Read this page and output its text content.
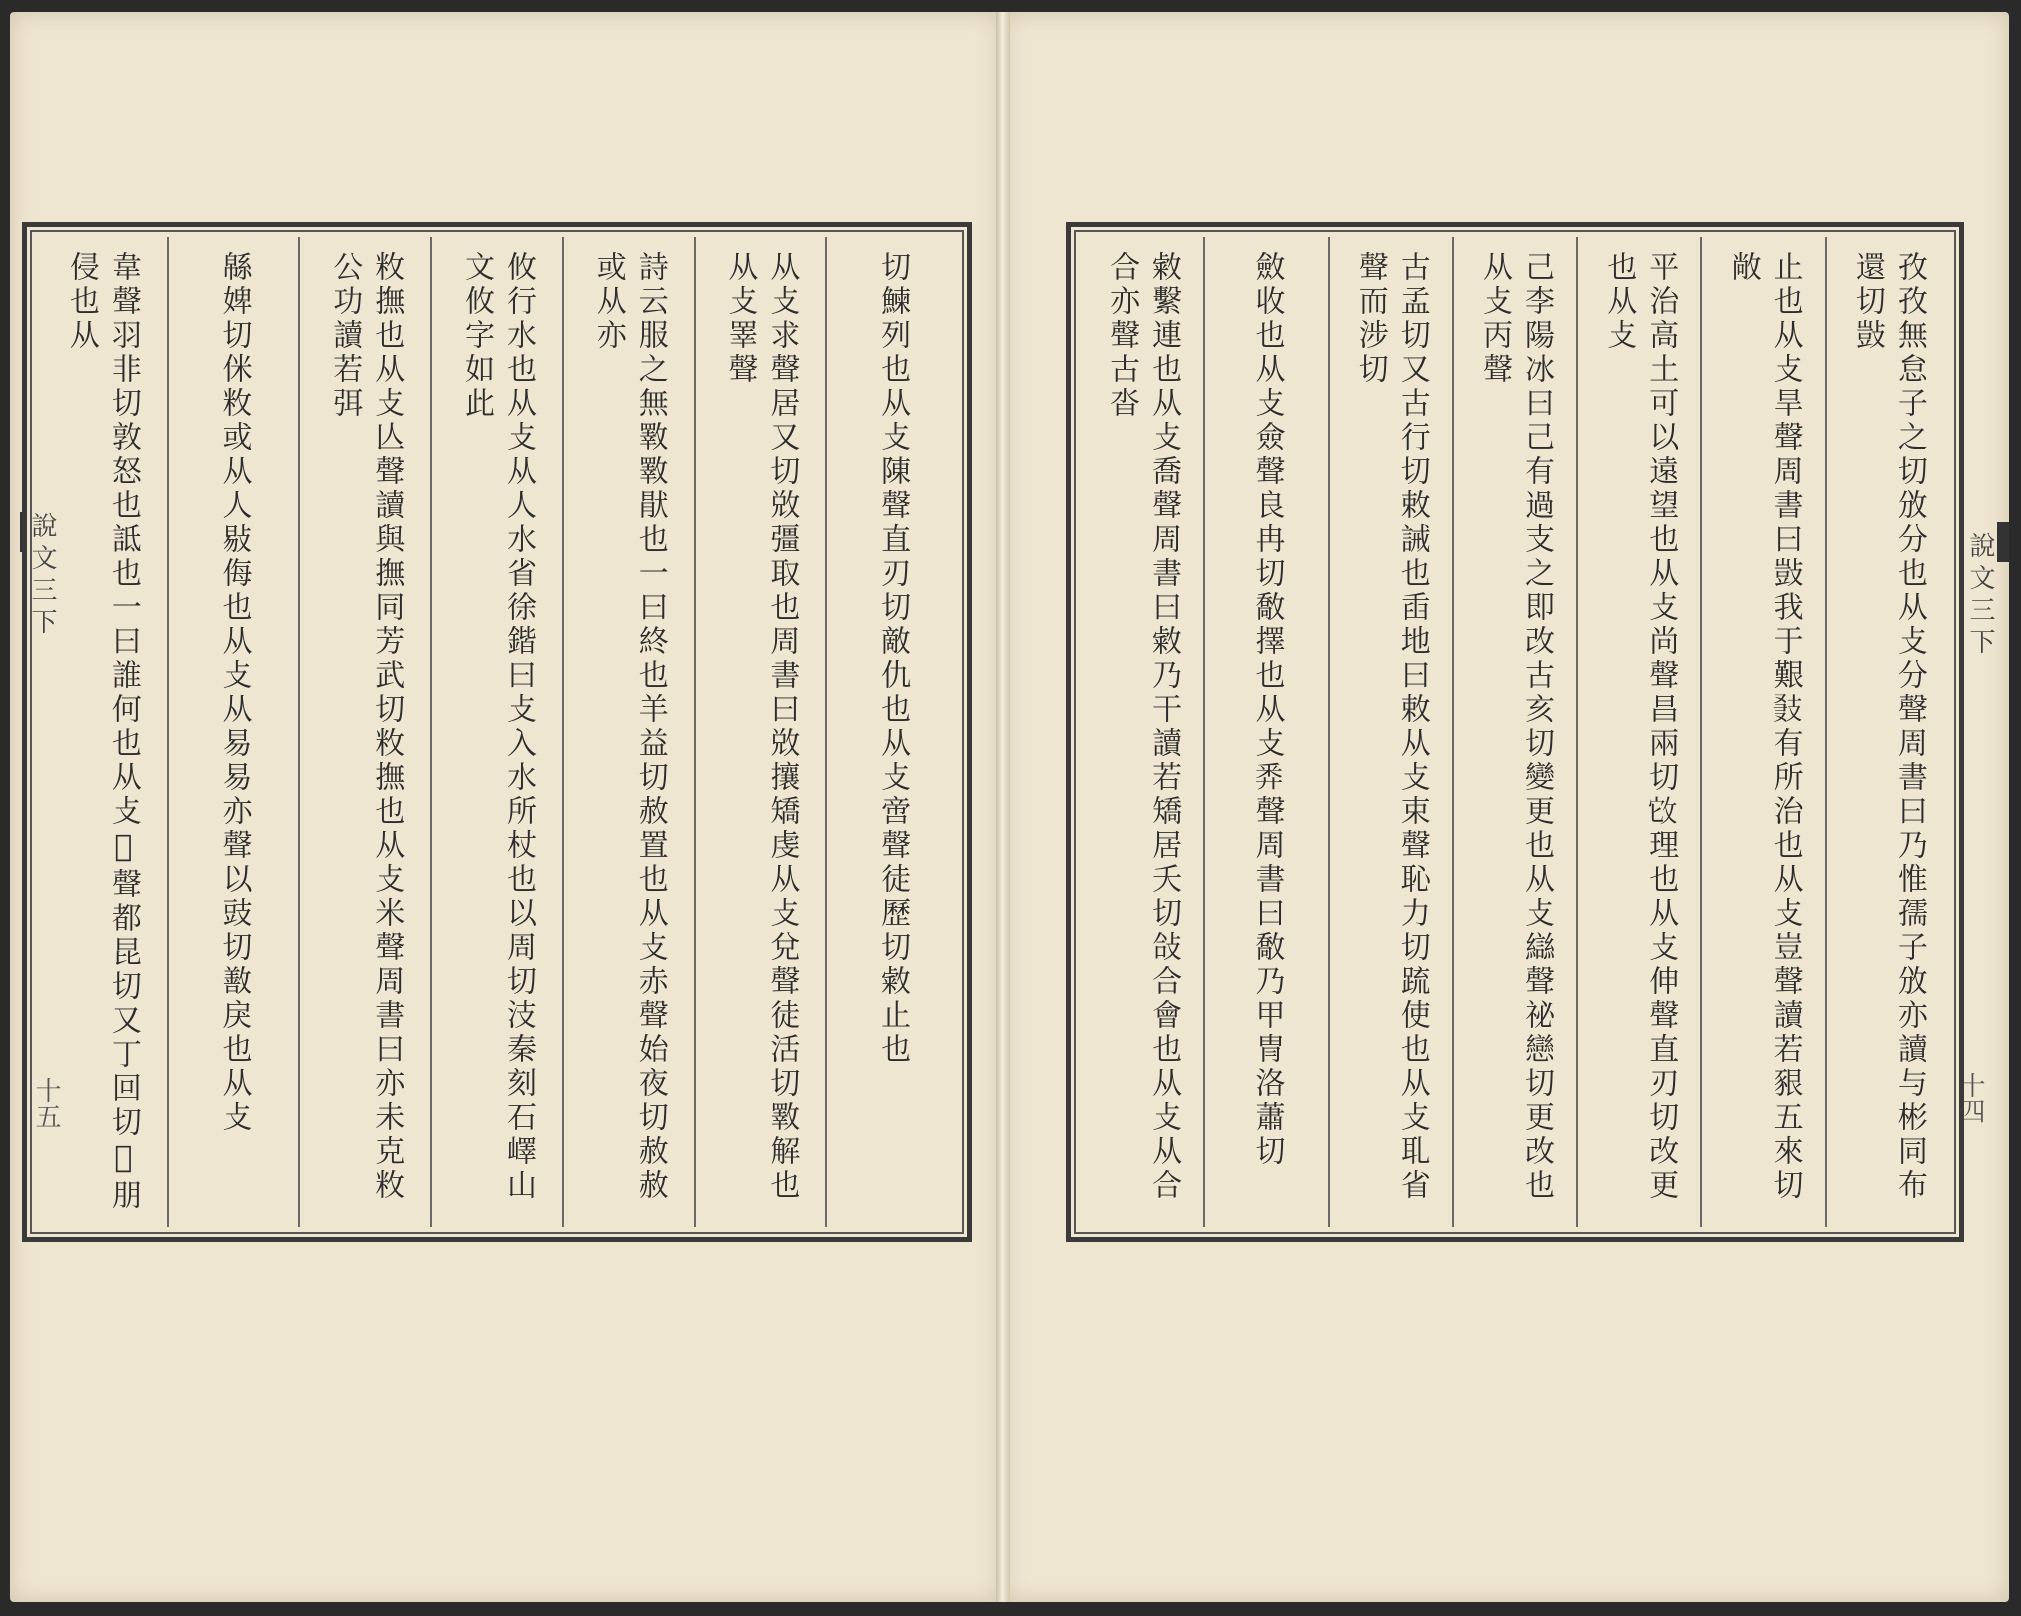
說文三下
十五
說文三下
十四
切鰊列也从攴陳聲直刃切敵仇也从攴啻聲徒歷切敹止也
从攴求聲居又切敚彊取也周書曰敚攘矯虔从攴兌聲徒活切斁解也从攴睪聲
詩云服之無斁斁猒也一曰終也羊益切赦置也从攴赤聲始夜切赦赦或从亦
攸行水也从攴从人水省徐鍇曰攴入水所杖也以周切汥秦刻石嶧山文攸字如此
敉撫也从攴亾聲讀與撫同芳武切敉撫也从攴米聲周書曰亦未克敉公功讀若弭
緜婢切侎敉或从人敡侮也从攴从易易亦聲以豉切敾戾也从攴
韋聲羽非切敦怒也詆也一曰誰何也从攴𦎫聲都昆切又丁回切𣪍朋侵也从	孜孜無怠子之切攽分也从攴分聲周書曰乃惟孺子攽亦讀与彬同布還切敱
止也从攴旱聲周書曰敱我于艱𢻍有所治也从攴豈聲讀若豤五來切敞
平治高土可以遠望也从攴尚聲昌兩切𢼊理也从攴伸聲直刃切改更也从攴
己李陽冰曰己有過支之即改古亥切變更也从攴䜌聲祕戀切更改也从攴丙聲
古孟切又古行切敕誡也臿地曰敕从攴束聲恥力切䟽使也从攴耴省聲而涉切
斂收也从攴僉聲良冉切敿擇也从攴𢍏聲周書曰敿乃甲冑洛蕭切
敹繫連也从攴喬聲周書曰敹乃干讀若矯居夭切敆合會也从攴从合合亦聲古沓
